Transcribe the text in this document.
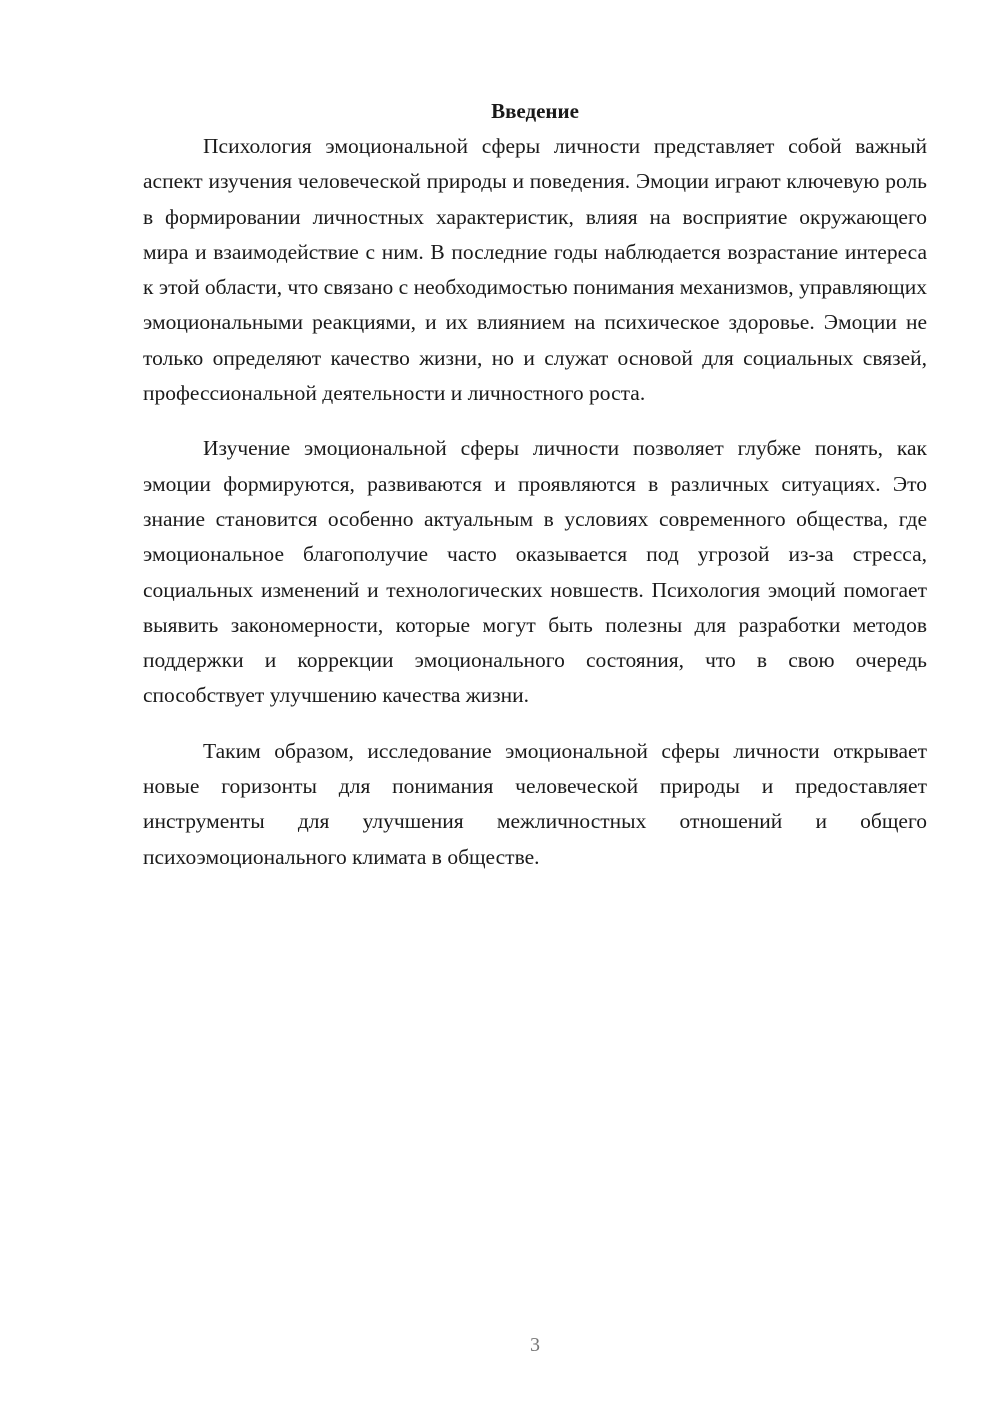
Введение

Психология эмоциональной сферы личности представляет собой важный аспект изучения человеческой природы и поведения. Эмоции играют ключевую роль в формировании личностных характеристик, влияя на восприятие окружающего мира и взаимодействие с ним. В последние годы наблюдается возрастание интереса к этой области, что связано с необходимостью понимания механизмов, управляющих эмоциональными реакциями, и их влиянием на психическое здоровье. Эмоции не только определяют качество жизни, но и служат основой для социальных связей, профессиональной деятельности и личностного роста.

Изучение эмоциональной сферы личности позволяет глубже понять, как эмоции формируются, развиваются и проявляются в различных ситуациях. Это знание становится особенно актуальным в условиях современного общества, где эмоциональное благополучие часто оказывается под угрозой из-за стресса, социальных изменений и технологических новшеств. Психология эмоций помогает выявить закономерности, которые могут быть полезны для разработки методов поддержки и коррекции эмоционального состояния, что в свою очередь способствует улучшению качества жизни.

Таким образом, исследование эмоциональной сферы личности открывает новые горизонты для понимания человеческой природы и предоставляет инструменты для улучшения межличностных отношений и общего психоэмоционального климата в обществе.

3
